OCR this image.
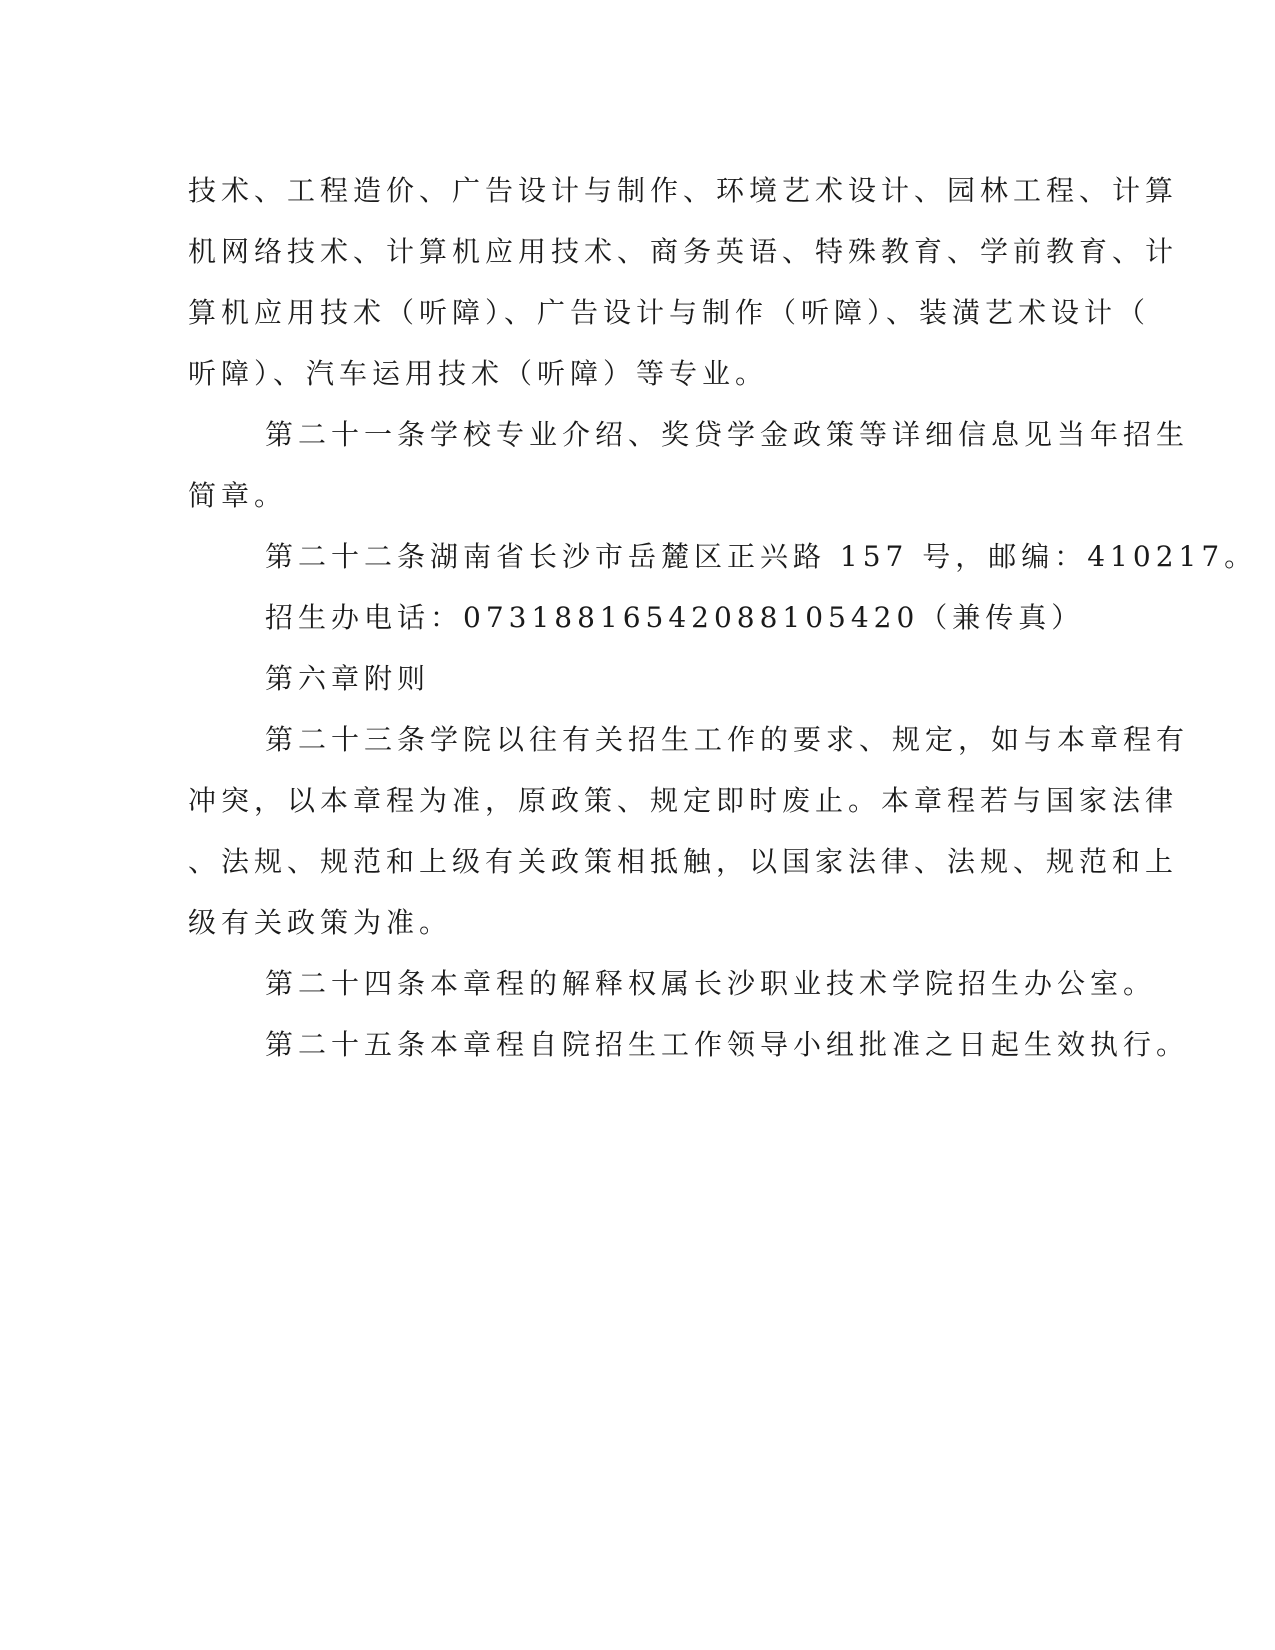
技术、工程造价、广告设计与制作、环境艺术设计、园林工程、计算
机网络技术、计算机应用技术、商务英语、特殊教育、学前教育、计
算机应用技术（听障）、广告设计与制作（听障）、装潢艺术设计（
听障）、汽车运用技术（听障）等专业。
第二十一条学校专业介绍、奖贷学金政策等详细信息见当年招生
简章。
第二十二条湖南省长沙市岳麓区正兴路 157 号，邮编：410217。
招生办电话：07318816542088105420（兼传真）
第六章附则
第二十三条学院以往有关招生工作的要求、规定，如与本章程有
冲突，以本章程为准，原政策、规定即时废止。本章程若与国家法律
、法规、规范和上级有关政策相抵触，以国家法律、法规、规范和上
级有关政策为准。
第二十四条本章程的解释权属长沙职业技术学院招生办公室。
第二十五条本章程自院招生工作领导小组批准之日起生效执行。
